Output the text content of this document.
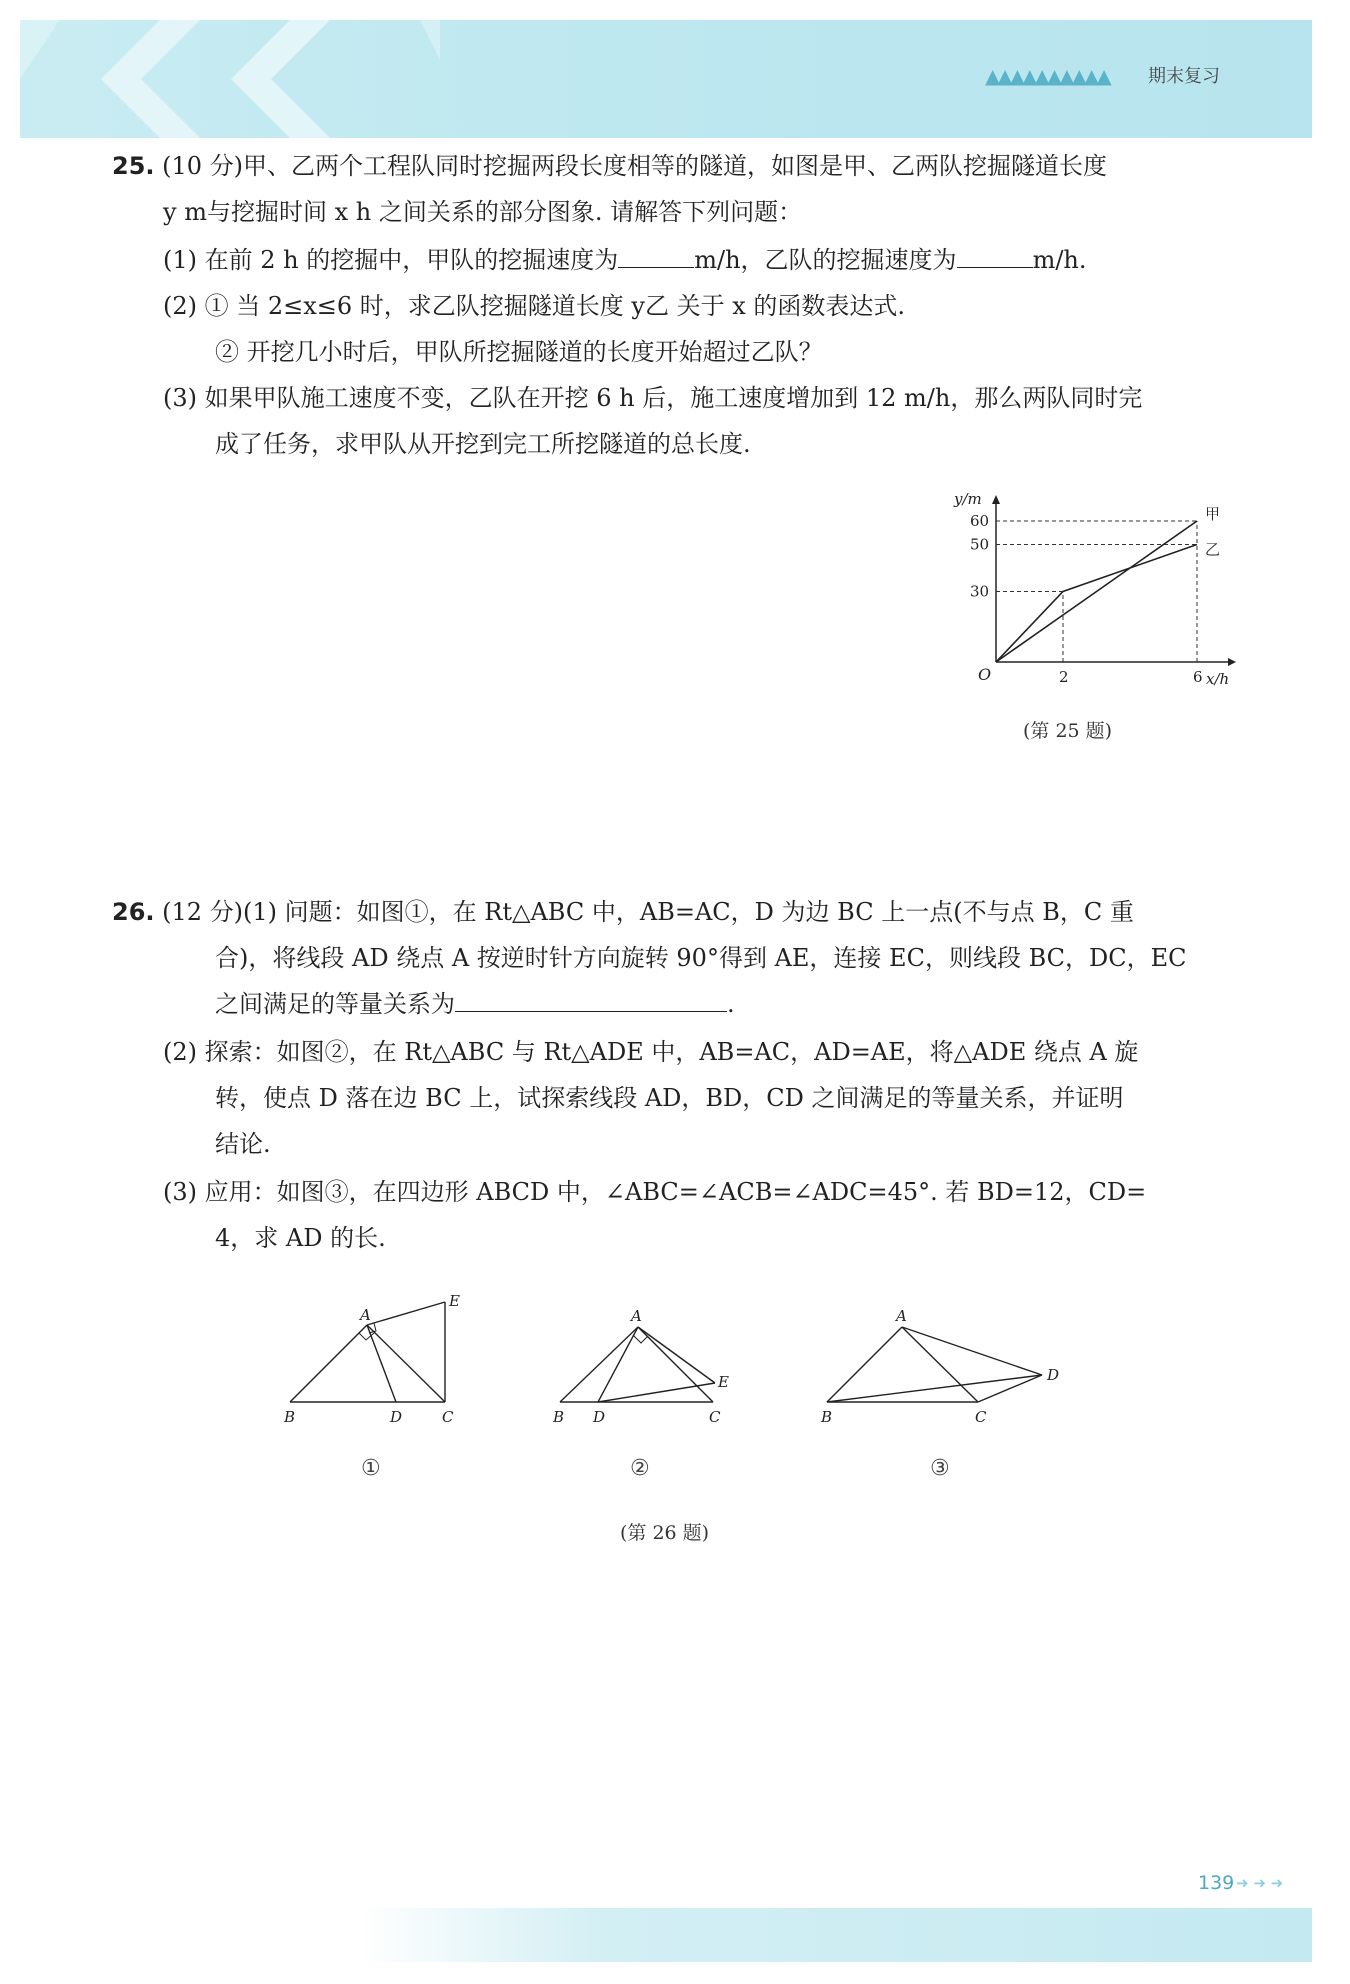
▲▲▲▲▲▲▲▲▲▲ 期末复习
25. (10 分)甲、乙两个工程队同时挖掘两段长度相等的隧道，如图是甲、乙两队挖掘隧道长度
y m与挖掘时间 x h 之间关系的部分图象. 请解答下列问题：
(1) 在前 2 h 的挖掘中，甲队的挖掘速度为	m/h，乙队的挖掘速度为	m/h.
(2) ① 当 2≤x≤6 时，求乙队挖掘隧道长度 y乙 关于 x 的函数表达式.
② 开挖几小时后，甲队所挖掘隧道的长度开始超过乙队？
(3) 如果甲队施工速度不变，乙队在开挖 6 h 后，施工速度增加到 12 m/h，那么两队同时完
成了任务，求甲队从开挖到完工所挖隧道的总长度.
y/m
x/h
O
30
50
60
2	6
甲
乙
(第 25 题)
26. (12 分)(1) 问题：如图①，在 Rt△ABC 中，AB=AC，D 为边 BC 上一点(不与点 B，C 重
合)，将线段 AD 绕点 A 按逆时针方向旋转 90°得到 AE，连接 EC，则线段 BC，DC，EC
之间满足的等量关系为	.
(2) 探索：如图②，在 Rt△ABC 与 Rt△ADE 中，AB=AC，AD=AE，将△ADE 绕点 A 旋
转，使点 D 落在边 BC 上，试探索线段 AD，BD，CD 之间满足的等量关系，并证明
结论.
(3) 应用：如图③，在四边形 ABCD 中，∠ABC=∠ACB=∠ADC=45°. 若 BD=12，CD=
4，求 AD 的长.
A
E
B	D	C
①
A
E
B D	C
②
A
D
B	C
③
(第 26 题)
139 ➜ ➜ ➜
